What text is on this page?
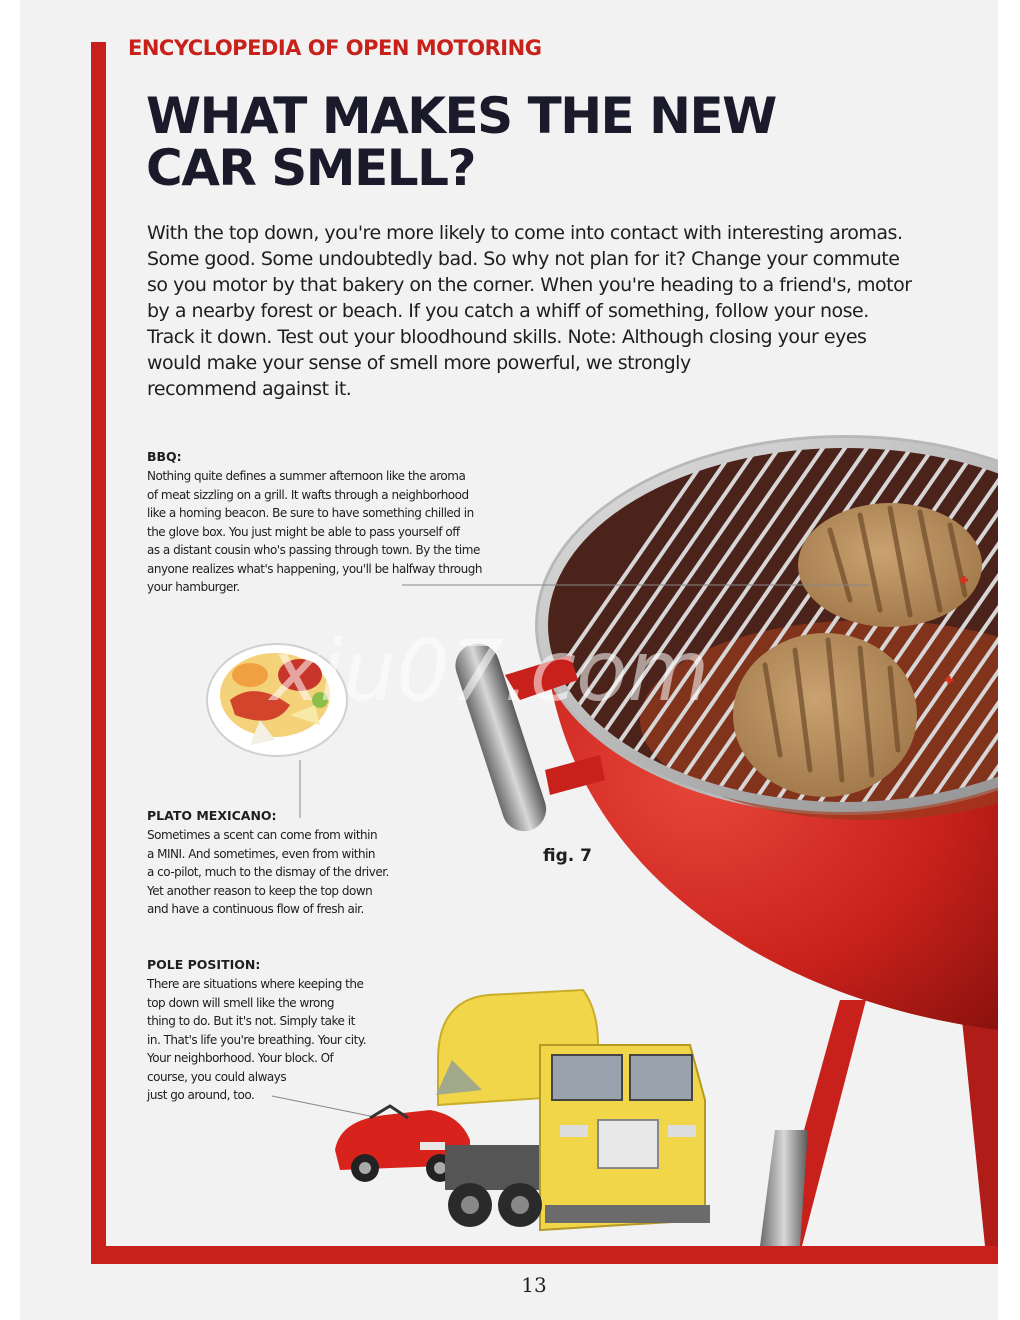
xiu07.com
ENCYCLOPEDIA OF OPEN MOTORING
WHAT MAKES THE NEW
CAR SMELL?

With the top down, you're more likely to come into contact with interesting aromas.
Some good. Some undoubtedly bad. So why not plan for it? Change your commute
so you motor by that bakery on the corner. When you're heading to a friend's, motor
by a nearby forest or beach. If you catch a whiff of something, follow your nose.
Track it down. Test out your bloodhound skills. Note: Although closing your eyes
would make your sense of smell more powerful, we strongly
recommend against it.

BBQ:

Nothing quite defines a summer afternoon like the aroma
of meat sizzling on a grill. It wafts through a neighborhood
like a homing beacon. Be sure to have something chilled in
the glove box. You just might be able to pass yourself off
as a distant cousin who's passing through town. By the time
anyone realizes what's happening, you'll be halfway through
your hamburger.

PLATO MEXICANO:

Sometimes a scent can come from within
a MINI. And sometimes, even from within
a co-pilot, much to the dismay of the driver.
Yet another reason to keep the top down
and have a continuous flow of fresh air.

POLE POSITION:

There are situations where keeping the
top down will smell like the wrong
thing to do. But it's not. Simply take it
in. That's life you're breathing. Your city.
Your neighborhood. Your block. Of
course, you could always
just go around, too.

fig. 7
13
